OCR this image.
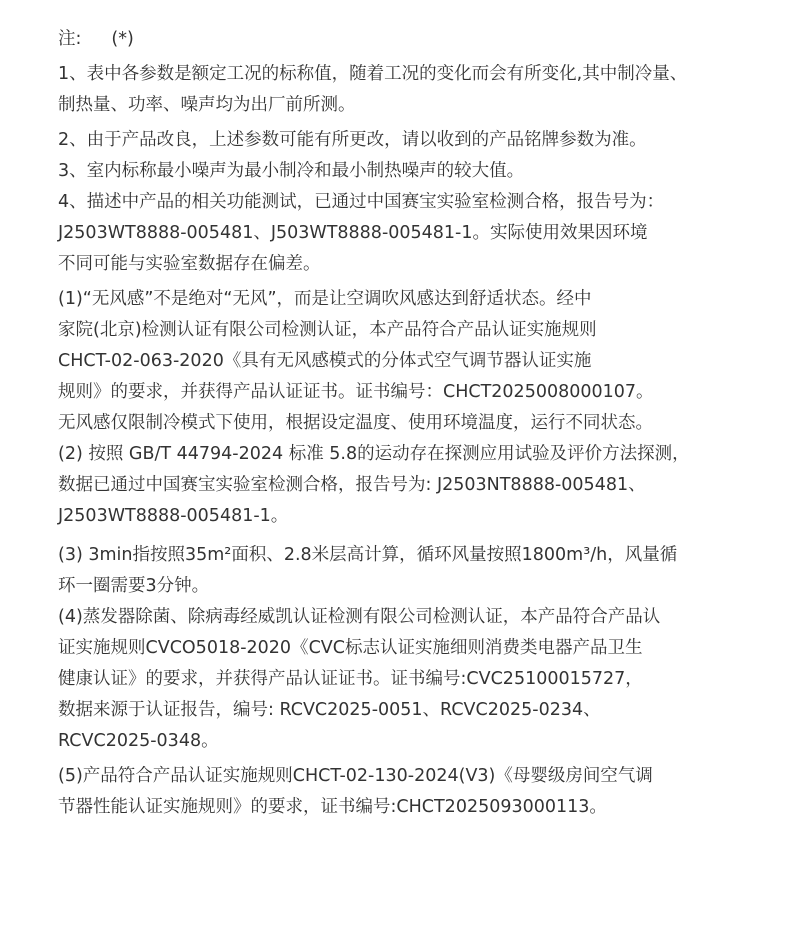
注: (*)
1、表中各参数是额定工况的标称值，随着工况的变化而会有所变化,其中制冷量、
制热量、功率、噪声均为出厂前所测。
2、由于产品改良，上述参数可能有所更改，请以收到的产品铭牌参数为准。
3、室内标称最小噪声为最小制冷和最小制热噪声的较大值。
4、描述中产品的相关功能测试，已通过中国赛宝实验室检测合格，报告号为：
J2503WT8888-005481、J503WT8888-005481-1。实际使用效果因环境
不同可能与实验室数据存在偏差。
(1)“无风感”不是绝对“无风”，而是让空调吹风感达到舒适状态。经中
家院(北京)检测认证有限公司检测认证，本产品符合产品认证实施规则
CHCT-02-063-2020《具有无风感模式的分体式空气调节器认证实施
规则》的要求，并获得产品认证证书。证书编号：CHCT2025008000107。
无风感仅限制冷模式下使用，根据设定温度、使用环境温度，运行不同状态。
(2) 按照 GB/T 44794-2024 标准 5.8的运动存在探测应用试验及评价方法探测，
数据已通过中国赛宝实验室检测合格，报告号为: J2503NT8888-005481、
J2503WT8888-005481-1。
(3) 3min指按照35m²面积、2.8米层高计算，循环风量按照1800m³/h，风量循
环一圈需要3分钟。
(4)蒸发器除菌、除病毒经威凯认证检测有限公司检测认证，本产品符合产品认
证实施规则CVCO5018-2020《CVC标志认证实施细则消费类电器产品卫生
健康认证》的要求，并获得产品认证证书。证书编号:CVC25100015727，
数据来源于认证报告，编号: RCVC2025-0051、RCVC2025-0234、
RCVC2025-0348。
(5)产品符合产品认证实施规则CHCT-02-130-2024(V3)《母婴级房间空气调
节器性能认证实施规则》的要求，证书编号:CHCT2025093000113。
